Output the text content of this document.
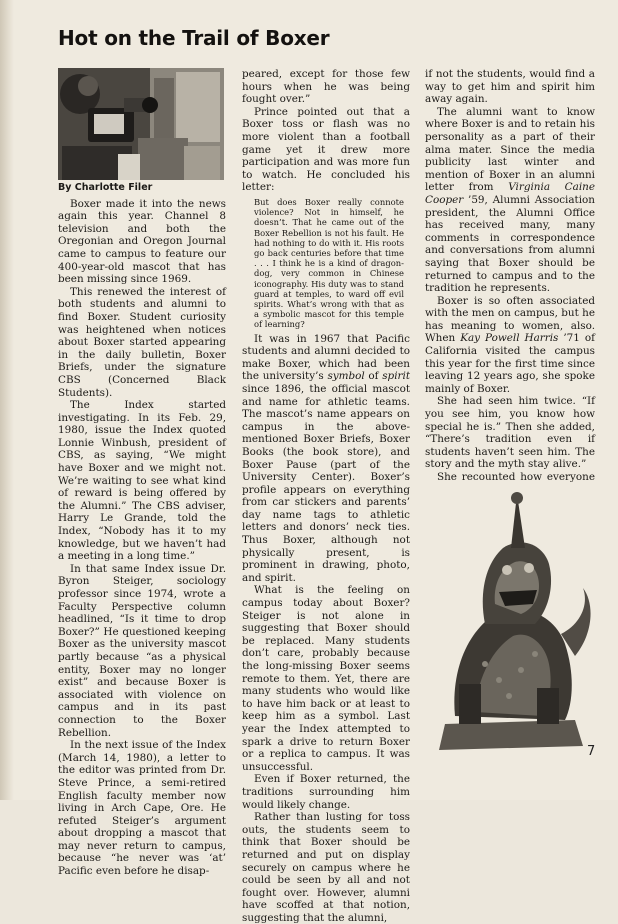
Hot on the Trail of Boxer

By Charlotte Filer

Boxer made it into the news again this year. Channel 8 television and both the Oregonian and Oregon Journal came to campus to feature our 400-year-old mascot that has been missing since 1969.

This renewed the interest of both students and alumni to find Boxer. Student curiosity was heightened when notices about Boxer started appearing in the daily bulletin, Boxer Briefs, under the signature CBS (Concerned Black Students).

The Index started investigating. In its Feb. 29, 1980, issue the Index quoted Lonnie Winbush, president of CBS, as saying, “We might have Boxer and we might not. We’re waiting to see what kind of reward is being offered by the Alumni.” The CBS adviser, Harry Le Grande, told the Index, “Nobody has it to my knowledge, but we haven’t had a meeting in a long time.”

In that same Index issue Dr. Byron Steiger, sociology professor since 1974, wrote a Faculty Perspective column headlined, “Is it time to drop Boxer?” He questioned keeping Boxer as the university mascot partly because “as a physical entity, Boxer may no longer exist” and because Boxer is associated with violence on campus and in its past connection to the Boxer Rebellion.

In the next issue of the Index (March 14, 1980), a letter to the editor was printed from Dr. Steve Prince, a semi-retired English faculty member now living in Arch Cape, Ore. He refuted Steiger’s argument about dropping a mascot that may never return to campus, because “he never was ‘at’ Pacific even before he disap-

peared, except for those few hours when he was being fought over.”

Prince pointed out that a Boxer toss or flash was no more violent than a football game yet it drew more participation and was more fun to watch. He concluded his letter:

But does Boxer really connote violence? Not in himself, he doesn’t. That he came out of the Boxer Rebellion is not his fault. He had nothing to do with it. His roots go back centuries before that time . . . I think he is a kind of dragon-dog, very common in Chinese iconography. His duty was to stand guard at temples, to ward off evil spirits. What’s wrong with that as a symbolic mascot for this temple of learning?

It was in 1967 that Pacific students and alumni decided to make Boxer, which had been the university’s symbol of spirit since 1896, the official mascot and name for athletic teams. The mascot’s name appears on campus in the above-mentioned Boxer Briefs, Boxer Books (the book store), and Boxer Pause (part of the University Center). Boxer’s profile appears on everything from car stickers and parents’ day name tags to athletic letters and donors’ neck ties. Thus Boxer, although not physically present, is prominent in drawing, photo, and spirit.

What is the feeling on campus today about Boxer? Steiger is not alone in suggesting that Boxer should be replaced. Many students don’t care, probably because the long-missing Boxer seems remote to them. Yet, there are many students who would like to have him back or at least to keep him as a symbol. Last year the Index attempted to spark a drive to return Boxer or a replica to campus. It was unsuccessful.

Even if Boxer returned, the traditions surrounding him would likely change.

Rather than lusting for toss outs, the students seem to think that Boxer should be returned and put on display securely on campus where he could be seen by all and not fought over. However, alumni have scoffed at that notion, suggesting that the alumni,

if not the students, would find a way to get him and spirit him away again.

The alumni want to know where Boxer is and to retain his personality as a part of their alma mater. Since the media publicity last winter and mention of Boxer in an alumni letter from Virginia Caine Cooper ’59, Alumni Association president, the Alumni Office has received many, many comments in correspondence and conversations from alumni saying that Boxer should be returned to campus and to the tradition he represents.

Boxer is so often associated with the men on campus, but he has meaning to women, also. When Kay Powell Harris ’71 of California visited the campus this year for the first time since leaving 12 years ago, she spoke mainly of Boxer.

She had seen him twice. “If you see him, you know how special he is.” Then she added, “There’s tradition even if students haven’t seen him. The story and the myth stay alive.”

She recounted how everyone

7
